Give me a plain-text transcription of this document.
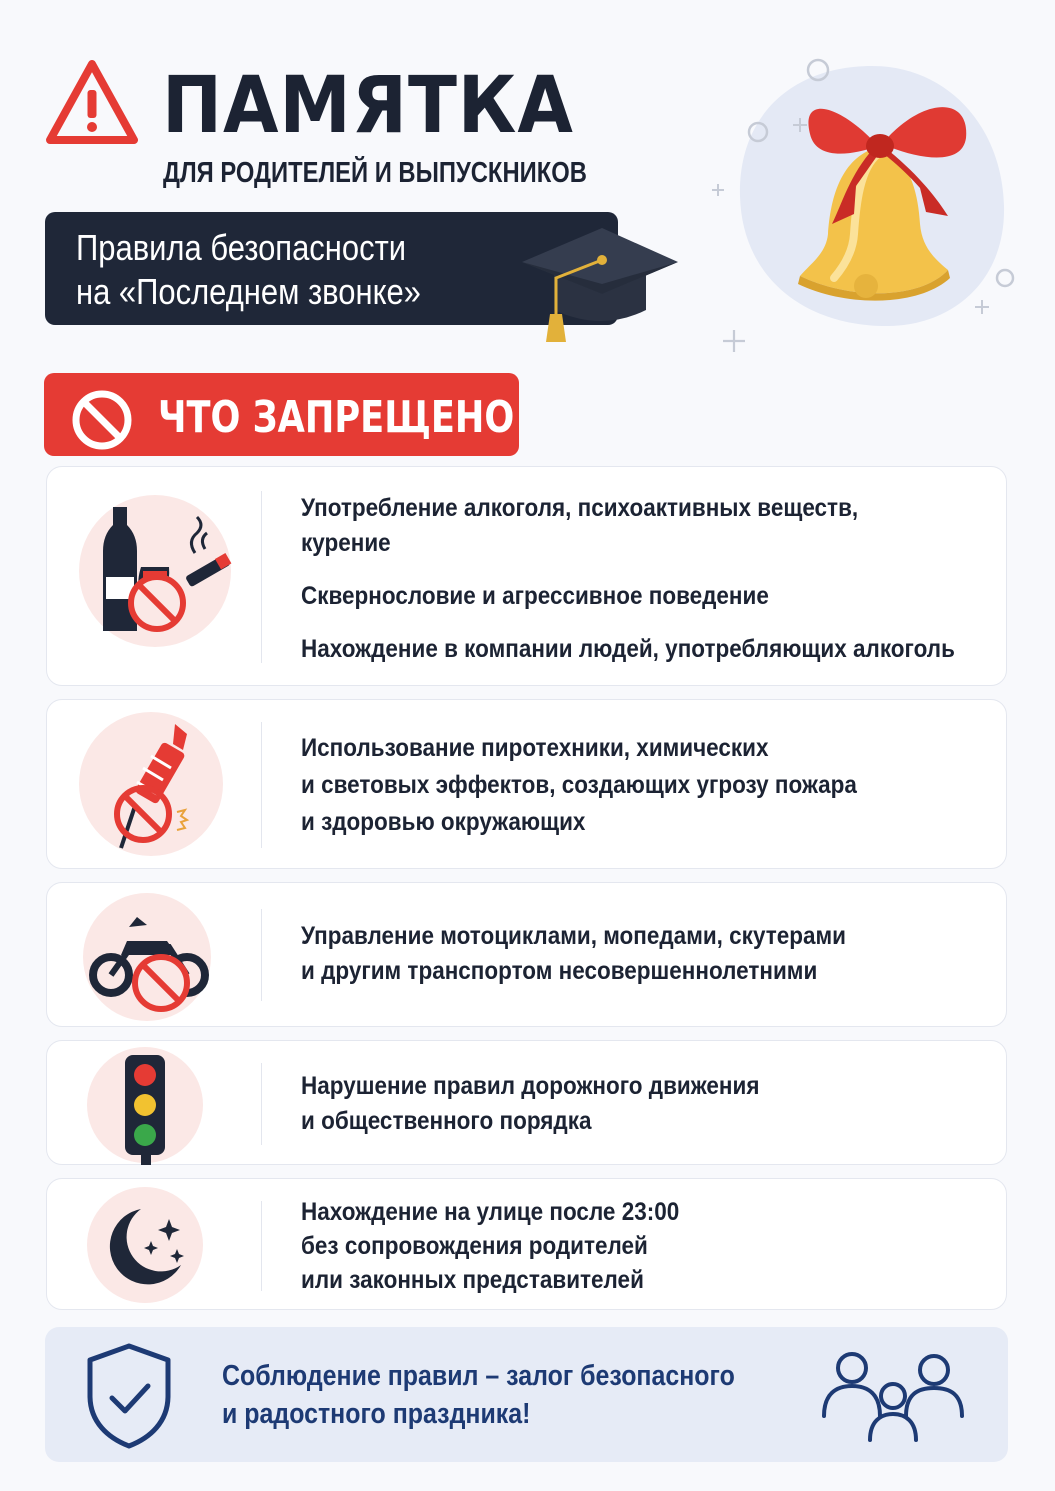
ПАМЯТКА
ДЛЯ РОДИТЕЛЕЙ И ВЫПУСКНИКОВ
Правила безопасности
на «Последнем звонке»
ЧТО ЗАПРЕЩЕНО
Употребление алкоголя, психоактивных веществ,
курение
Сквернословие и агрессивное поведение
Нахождение в компании людей, употребляющих алкоголь
Использование пиротехники, химических
и световых эффектов, создающих угрозу пожара
и здоровью окружающих
Управление мотоциклами, мопедами, скутерами
и другим транспортом несовершеннолетними
Нарушение правил дорожного движения
и общественного порядка
Нахождение на улице после 23:00
без сопровождения родителей
или законных представителей
Соблюдение правил – залог безопасного
и радостного праздника!
